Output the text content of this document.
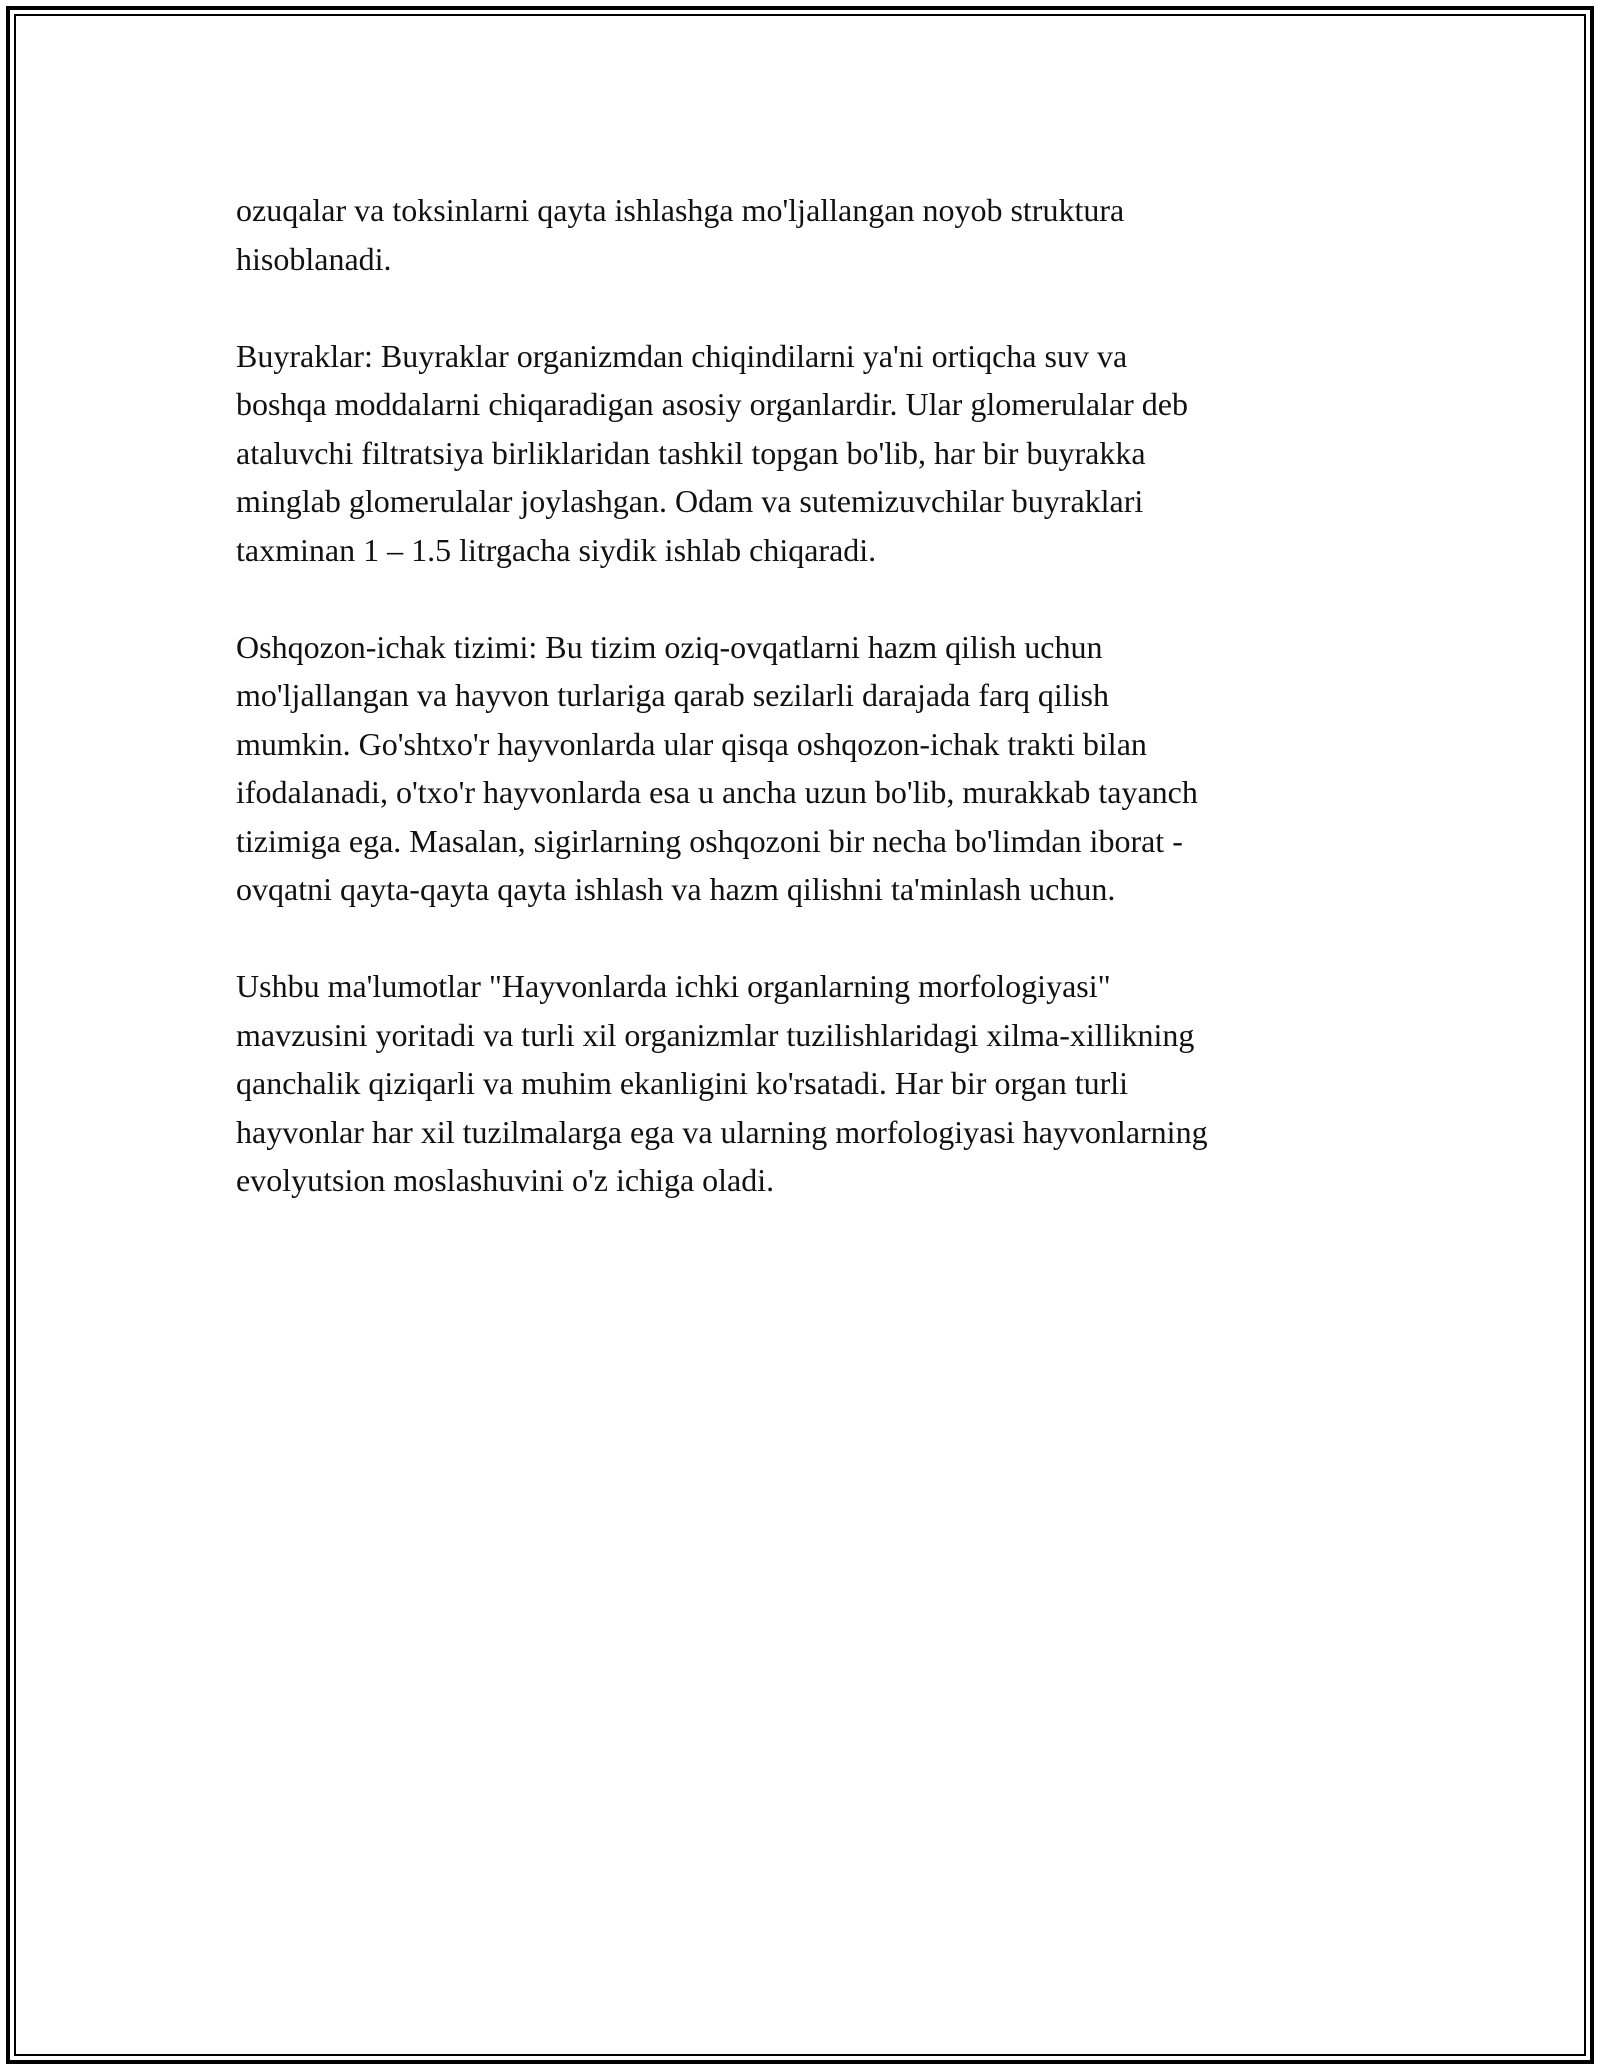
ozuqalar va toksinlarni qayta ishlashga mo'ljallangan noyob struktura
hisoblanadi.

Buyraklar: Buyraklar organizmdan chiqindilarni ya'ni ortiqcha suv va
boshqa moddalarni chiqaradigan asosiy organlardir. Ular glomerulalar deb
ataluvchi filtratsiya birliklaridan tashkil topgan bo'lib, har bir buyrakka
minglab glomerulalar joylashgan. Odam va sutemizuvchilar buyraklari
taxminan 1 – 1.5 litrgacha siydik ishlab chiqaradi.

Oshqozon-ichak tizimi: Bu tizim oziq-ovqatlarni hazm qilish uchun
mo'ljallangan va hayvon turlariga qarab sezilarli darajada farq qilish
mumkin. Go'shtxo'r hayvonlarda ular qisqa oshqozon-ichak trakti bilan
ifodalanadi, o'txo'r hayvonlarda esa u ancha uzun bo'lib, murakkab tayanch
tizimiga ega. Masalan, sigirlarning oshqozoni bir necha bo'limdan iborat -
ovqatni qayta-qayta qayta ishlash va hazm qilishni ta'minlash uchun.

Ushbu ma'lumotlar "Hayvonlarda ichki organlarning morfologiyasi"
mavzusini yoritadi va turli xil organizmlar tuzilishlaridagi xilma-xillikning
qanchalik qiziqarli va muhim ekanligini ko'rsatadi. Har bir organ turli
hayvonlar har xil tuzilmalarga ega va ularning morfologiyasi hayvonlarning
evolyutsion moslashuvini o'z ichiga oladi.
